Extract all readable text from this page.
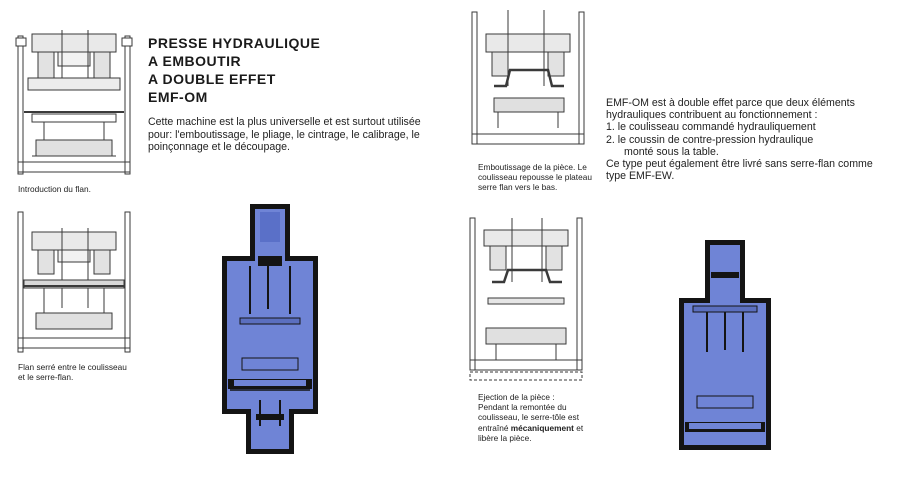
PRESSE HYDRAULIQUE
A EMBOUTIR
A DOUBLE EFFET
EMF-OM
Cette machine est la plus universelle et est surtout utilisée pour: l'emboutissage, le pliage, le cintrage, le calibrage, le poinçonnage et le découpage.
Introduction du flan.
Flan serré entre le coulisseau et le serre-flan.
Emboutissage de la pièce. Le coulisseau repousse le plateau serre flan vers le bas.
Ejection de la pièce :
Pendant la remontée du coulisseau, le serre-tôle est entraîné mécaniquement et libère la pièce.
EMF-OM est à double effet parce que deux éléments hydrauliques contribuent au fonctionnement :
1. le coulisseau commandé hydrauliquement
2. le coussin de contre-pression hydraulique
monté sous la table.
Ce type peut également être livré sans serre-flan comme type EMF-EW.
